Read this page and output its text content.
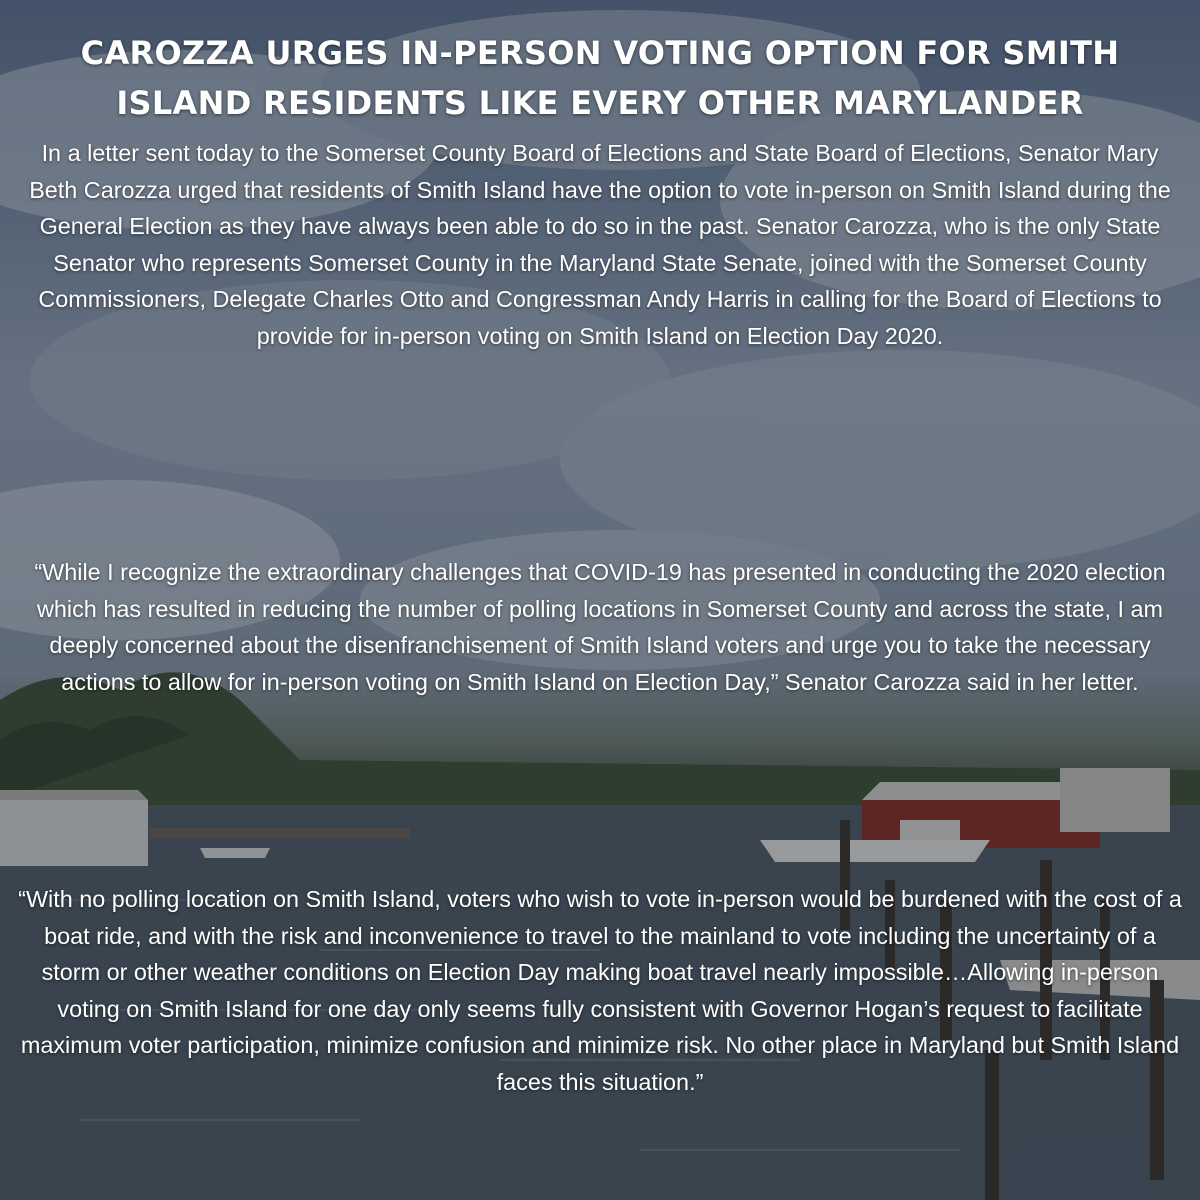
CAROZZA URGES IN-PERSON VOTING OPTION FOR SMITH ISLAND RESIDENTS LIKE EVERY OTHER MARYLANDER

In a letter sent today to the Somerset County Board of Elections and State Board of Elections, Senator Mary Beth Carozza urged that residents of Smith Island have the option to vote in-person on Smith Island during the General Election as they have always been able to do so in the past. Senator Carozza, who is the only State Senator who represents Somerset County in the Maryland State Senate, joined with the Somerset County Commissioners, Delegate Charles Otto and Congressman Andy Harris in calling for the Board of Elections to provide for in-person voting on Smith Island on Election Day 2020.

“While I recognize the extraordinary challenges that COVID-19 has presented in conducting the 2020 election which has resulted in reducing the number of polling locations in Somerset County and across the state, I am deeply concerned about the disenfranchisement of Smith Island voters and urge you to take the necessary actions to allow for in-person voting on Smith Island on Election Day,” Senator Carozza said in her letter.

“With no polling location on Smith Island, voters who wish to vote in-person would be burdened with the cost of a boat ride, and with the risk and inconvenience to travel to the mainland to vote including the uncertainty of a storm or other weather conditions on Election Day making boat travel nearly impossible…Allowing in-person voting on Smith Island for one day only seems fully consistent with Governor Hogan’s request to facilitate maximum voter participation, minimize confusion and minimize risk. No other place in Maryland but Smith Island faces this situation.”
